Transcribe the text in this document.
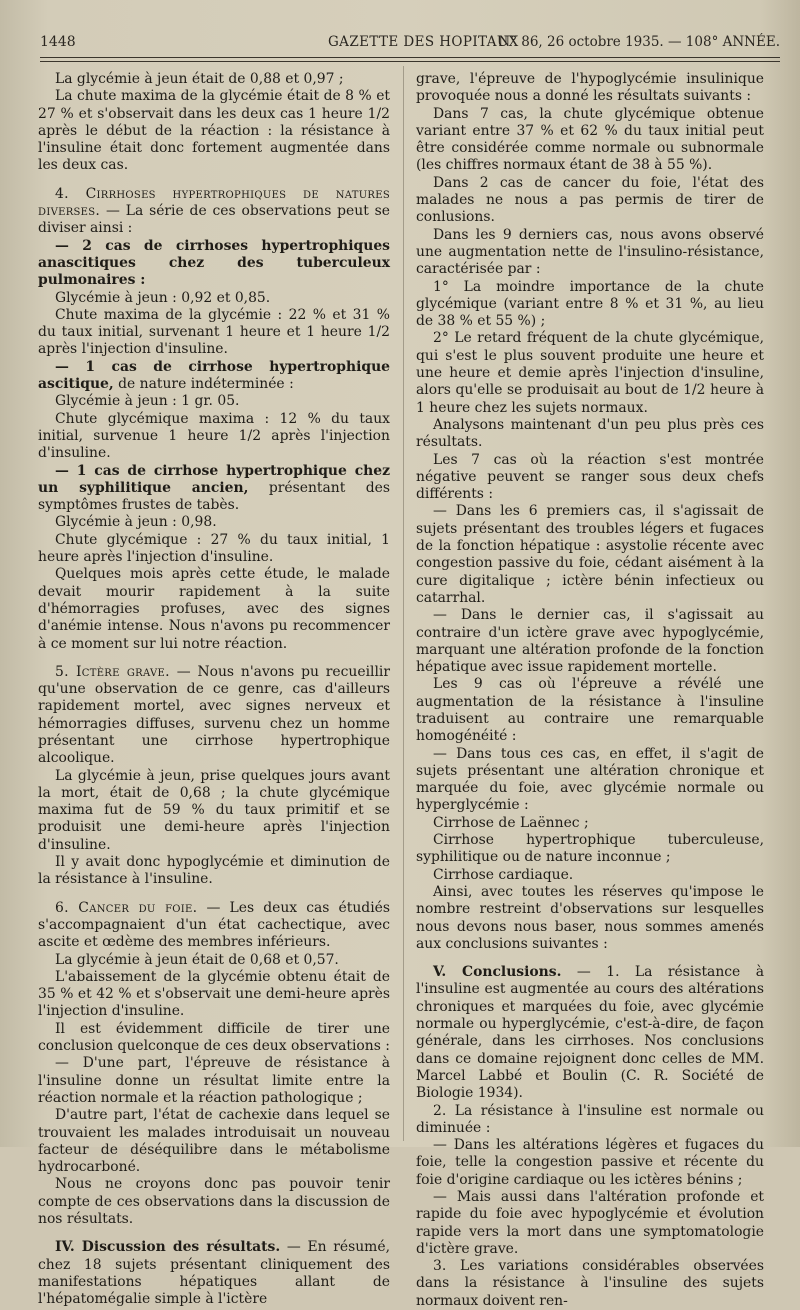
1448	GAZETTE DES HOPITAUX
N° 86, 26 octobre 1935. — 108° ANNÉE.

La glycémie à jeun était de 0,88 et 0,97 ;

La chute maxima de la glycémie était de 8 % et 27 % et s'observait dans les deux cas 1 heure 1/2 après le début de la réaction : la résistance à l'insuline était donc fortement augmentée dans les deux cas.

4. Cirrhoses hypertrophiques de natures diverses. — La série de ces observations peut se diviser ainsi :

— 2 cas de cirrhoses hypertrophiques anascitiques chez des tuberculeux pulmonaires :

Glycémie à jeun : 0,92 et 0,85.

Chute maxima de la glycémie : 22 % et 31 % du taux initial, survenant 1 heure et 1 heure 1/2 après l'injection d'insuline.

— 1 cas de cirrhose hypertrophique ascitique, de nature indéterminée :

Glycémie à jeun : 1 gr. 05.

Chute glycémique maxima : 12 % du taux initial, survenue 1 heure 1/2 après l'injection d'insuline.

— 1 cas de cirrhose hypertrophique chez un syphilitique ancien, présentant des symptômes frustes de tabès.

Glycémie à jeun : 0,98.

Chute glycémique : 27 % du taux initial, 1 heure après l'injection d'insuline.

Quelques mois après cette étude, le malade devait mourir rapidement à la suite d'hémorragies profuses, avec des signes d'anémie intense. Nous n'avons pu recommencer à ce moment sur lui notre réaction.

5. Ictère grave. — Nous n'avons pu recueillir qu'une observation de ce genre, cas d'ailleurs rapidement mortel, avec signes nerveux et hémorragies diffuses, survenu chez un homme présentant une cirrhose hypertrophique alcoolique.

La glycémie à jeun, prise quelques jours avant la mort, était de 0,68 ; la chute glycémique maxima fut de 59 % du taux primitif et se produisit une demi-heure après l'injection d'insuline.

Il y avait donc hypoglycémie et diminution de la résistance à l'insuline.

6. Cancer du foie. — Les deux cas étudiés s'accompagnaient d'un état cachectique, avec ascite et œdème des membres inférieurs.

La glycémie à jeun était de 0,68 et 0,57.

L'abaissement de la glycémie obtenu était de 35 % et 42 % et s'observait une demi-heure après l'injection d'insuline.

Il est évidemment difficile de tirer une conclusion quelconque de ces deux observations :

— D'une part, l'épreuve de résistance à l'insuline donne un résultat limite entre la réaction normale et la réaction pathologique ;

D'autre part, l'état de cachexie dans lequel se trouvaient les malades introduisait un nouveau facteur de déséquilibre dans le métabolisme hydrocarboné.

Nous ne croyons donc pas pouvoir tenir compte de ces observations dans la discussion de nos résultats.

IV. Discussion des résultats. — En résumé, chez 18 sujets présentant cliniquement des manifestations hépatiques allant de l'hépatomégalie simple à l'ictère

grave, l'épreuve de l'hypoglycémie insulinique provoquée nous a donné les résultats suivants :

Dans 7 cas, la chute glycémique obtenue variant entre 37 % et 62 % du taux initial peut être considérée comme normale ou subnormale (les chiffres normaux étant de 38 à 55 %).

Dans 2 cas de cancer du foie, l'état des malades ne nous a pas permis de tirer de conlusions.

Dans les 9 derniers cas, nous avons observé une augmentation nette de l'insulino-résistance, caractérisée par :

1° La moindre importance de la chute glycémique (variant entre 8 % et 31 %, au lieu de 38 % et 55 %) ;

2° Le retard fréquent de la chute glycémique, qui s'est le plus souvent produite une heure et une heure et demie après l'injection d'insuline, alors qu'elle se produisait au bout de 1/2 heure à 1 heure chez les sujets normaux.

Analysons maintenant d'un peu plus près ces résultats.

Les 7 cas où la réaction s'est montrée négative peuvent se ranger sous deux chefs différents :

— Dans les 6 premiers cas, il s'agissait de sujets présentant des troubles légers et fugaces de la fonction hépatique : asystolie récente avec congestion passive du foie, cédant aisément à la cure digitalique ; ictère bénin infectieux ou catarrhal.

— Dans le dernier cas, il s'agissait au contraire d'un ictère grave avec hypoglycémie, marquant une altération profonde de la fonction hépatique avec issue rapidement mortelle.

Les 9 cas où l'épreuve a révélé une augmentation de la résistance à l'insuline traduisent au contraire une remarquable homogénéité :

— Dans tous ces cas, en effet, il s'agit de sujets présentant une altération chronique et marquée du foie, avec glycémie normale ou hyperglycémie :

Cirrhose de Laënnec ;

Cirrhose hypertrophique tuberculeuse, syphilitique ou de nature inconnue ;

Cirrhose cardiaque.

Ainsi, avec toutes les réserves qu'impose le nombre restreint d'observations sur lesquelles nous devons nous baser, nous sommes amenés aux conclusions suivantes :

V. Conclusions. — 1. La résistance à l'insuline est augmentée au cours des altérations chroniques et marquées du foie, avec glycémie normale ou hyperglycémie, c'est-à-dire, de façon générale, dans les cirrhoses. Nos conclusions dans ce domaine rejoignent donc celles de MM. Marcel Labbé et Boulin (C. R. Société de Biologie 1934).

2. La résistance à l'insuline est normale ou diminuée :

— Dans les altérations légères et fugaces du foie, telle la congestion passive et récente du foie d'origine cardiaque ou les ictères bénins ;

— Mais aussi dans l'altération profonde et rapide du foie avec hypoglycémie et évolution rapide vers la mort dans une symptomatologie d'ictère grave.

3. Les variations considérables observées dans la résistance à l'insuline des sujets normaux doivent ren-
